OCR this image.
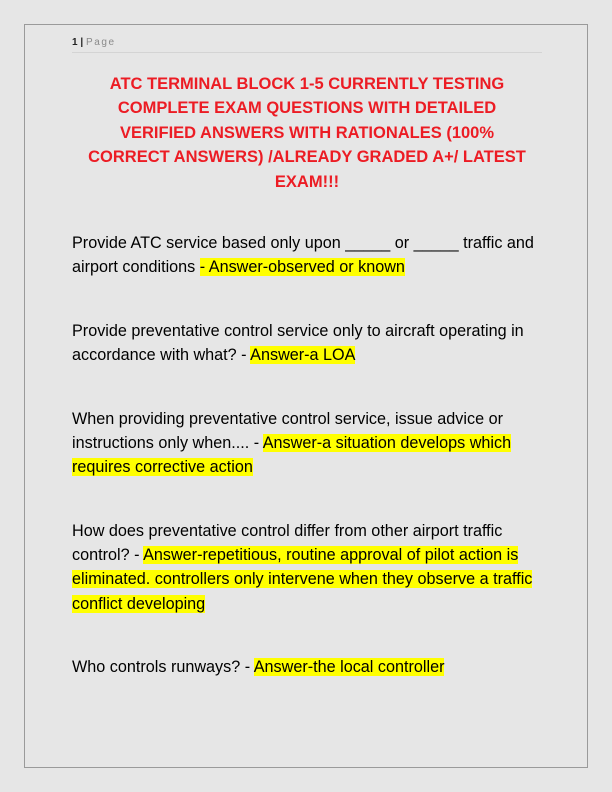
1 | Page
ATC TERMINAL BLOCK 1-5 CURRENTLY TESTING COMPLETE EXAM QUESTIONS WITH DETAILED VERIFIED ANSWERS WITH RATIONALES (100% CORRECT ANSWERS) /ALREADY GRADED A+/ LATEST EXAM!!!
Provide ATC service based only upon _____ or _____ traffic and airport conditions - Answer-observed or known
Provide preventative control service only to aircraft operating in accordance with what? - Answer-a LOA
When providing preventative control service, issue advice or instructions only when.... - Answer-a situation develops which requires corrective action
How does preventative control differ from other airport traffic control? - Answer-repetitious, routine approval of pilot action is eliminated. controllers only intervene when they observe a traffic conflict developing
Who controls runways? - Answer-the local controller
